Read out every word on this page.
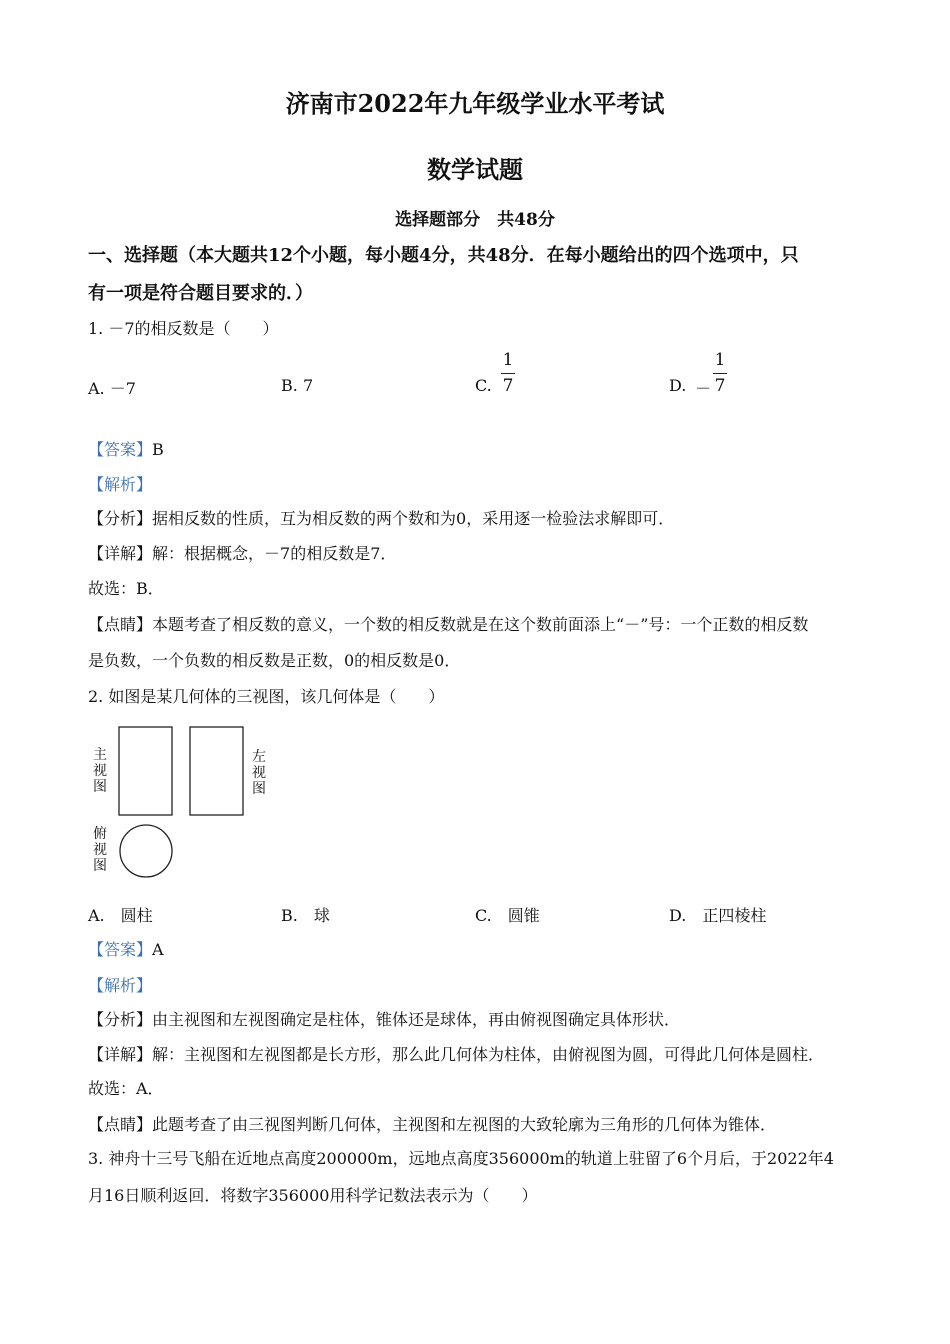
济南市2022年九年级学业水平考试
数学试题
选择题部分　共48分
一、选择题（本大题共12个小题，每小题4分，共48分．在每小题给出的四个选项中，只
有一项是符合题目要求的．）
1. －7的相反数是（　　）
A. －7	B. 7	C.
1
7	D. －
1
7
【答案】B
【解析】
【分析】据相反数的性质，互为相反数的两个数和为0，采用逐一检验法求解即可．
【详解】解：根据概念，－7的相反数是7．
故选：B．
【点睛】本题考查了相反数的意义，一个数的相反数就是在这个数前面添上“－”号：一个正数的相反数
是负数，一个负数的相反数是正数，0的相反数是0．
2. 如图是某几何体的三视图，该几何体是（　　）
主视图
左视图
俯视图
A.　圆柱	B.　球	C.　圆锥	D.　正四棱柱
【答案】A
【解析】
【分析】由主视图和左视图确定是柱体，锥体还是球体，再由俯视图确定具体形状．
【详解】解：主视图和左视图都是长方形，那么此几何体为柱体，由俯视图为圆，可得此几何体是圆柱．
故选：A．
【点睛】此题考查了由三视图判断几何体，主视图和左视图的大致轮廓为三角形的几何体为锥体．
3. 神舟十三号飞船在近地点高度200000m，远地点高度356000m的轨道上驻留了6个月后，于2022年4
月16日顺利返回．将数字356000用科学记数法表示为（　　）
